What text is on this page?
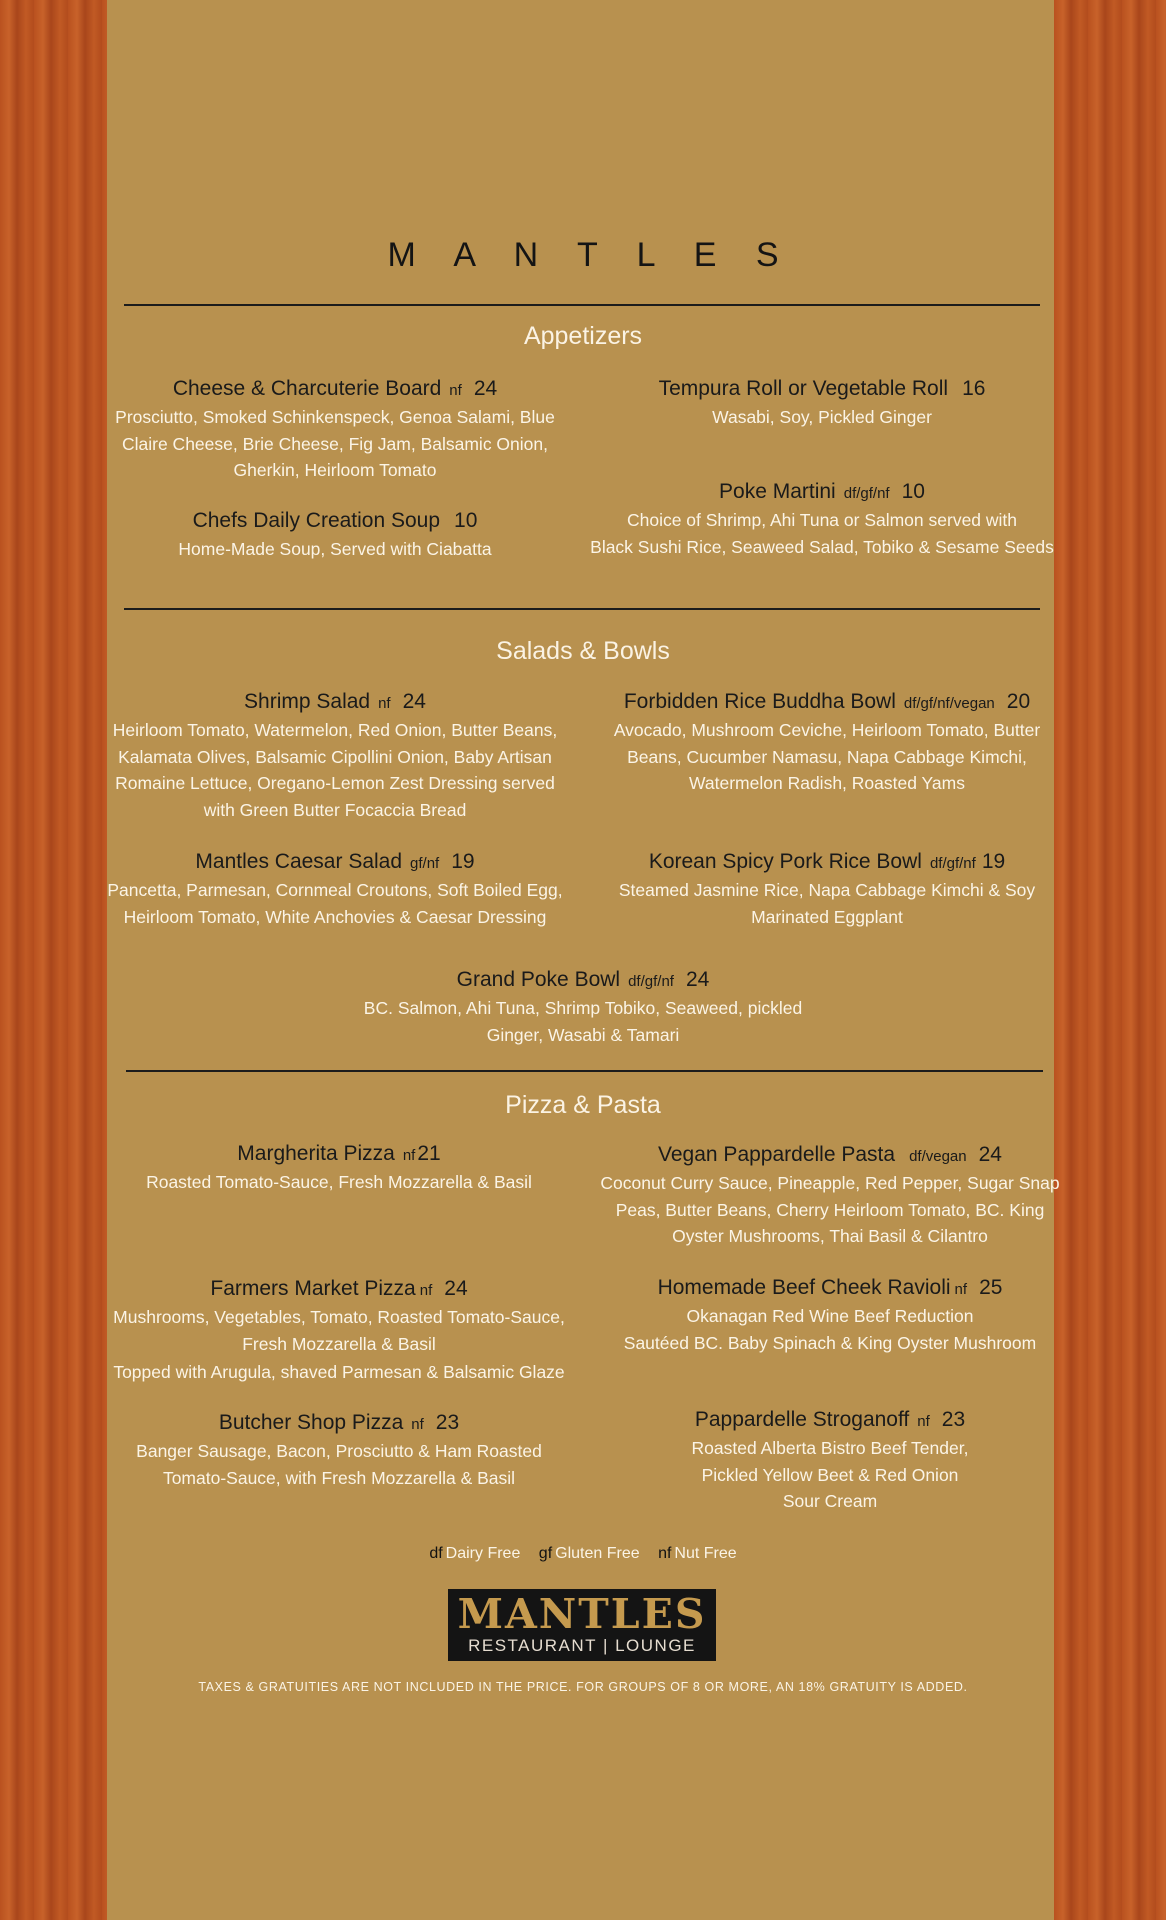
M A N T L E S
Appetizers
Cheese & Charcuterie Board nf 24
Prosciutto, Smoked Schinkenspeck, Genoa Salami, Blue
Claire Cheese, Brie Cheese, Fig Jam, Balsamic Onion,
Gherkin, Heirloom Tomato
Tempura Roll or Vegetable Roll 16
Wasabi, Soy, Pickled Ginger
Poke Martini df/gf/nf 10
Choice of Shrimp, Ahi Tuna or Salmon served with
Black Sushi Rice, Seaweed Salad, Tobiko & Sesame Seeds
Chefs Daily Creation Soup 10
Home-Made Soup, Served with Ciabatta
Salads & Bowls
Shrimp Salad nf 24
Heirloom Tomato, Watermelon, Red Onion, Butter Beans,
Kalamata Olives, Balsamic Cipollini Onion, Baby Artisan
Romaine Lettuce, Oregano-Lemon Zest Dressing served
with Green Butter Focaccia Bread
Forbidden Rice Buddha Bowl df/gf/nf/vegan 20
Avocado, Mushroom Ceviche, Heirloom Tomato, Butter
Beans, Cucumber Namasu, Napa Cabbage Kimchi,
Watermelon Radish, Roasted Yams
Mantles Caesar Salad gf/nf 19
Pancetta, Parmesan, Cornmeal Croutons, Soft Boiled Egg,
Heirloom Tomato, White Anchovies & Caesar Dressing
Korean Spicy Pork Rice Bowl df/gf/nf 19
Steamed Jasmine Rice, Napa Cabbage Kimchi & Soy
Marinated Eggplant
Grand Poke Bowl df/gf/nf 24
BC. Salmon, Ahi Tuna, Shrimp Tobiko, Seaweed, pickled
Ginger, Wasabi & Tamari
Pizza & Pasta
Margherita Pizza nf21
Roasted Tomato-Sauce, Fresh Mozzarella & Basil
Vegan Pappardelle Pasta df/vegan 24
Coconut Curry Sauce, Pineapple, Red Pepper, Sugar Snap
Peas, Butter Beans, Cherry Heirloom Tomato, BC. King
Oyster Mushrooms, Thai Basil & Cilantro
Farmers Market Pizza nf 24
Mushrooms, Vegetables, Tomato, Roasted Tomato-Sauce,
Fresh Mozzarella & Basil
Topped with Arugula, shaved Parmesan & Balsamic Glaze
Homemade Beef Cheek Ravioli nf 25
Okanagan Red Wine Beef Reduction
Sautéed BC. Baby Spinach & King Oyster Mushroom
Butcher Shop Pizza nf 23
Banger Sausage, Bacon, Prosciutto & Ham Roasted
Tomato-Sauce, with Fresh Mozzarella & Basil
Pappardelle Stroganoff nf 23
Roasted Alberta Bistro Beef Tender,
Pickled Yellow Beet & Red Onion
Sour Cream
df Dairy Free gf Gluten Free nf Nut Free
MANTLES
RESTAURANT | LOUNGE
TAXES & GRATUITIES ARE NOT INCLUDED IN THE PRICE. FOR GROUPS OF 8 OR MORE, AN 18% GRATUITY IS ADDED.
